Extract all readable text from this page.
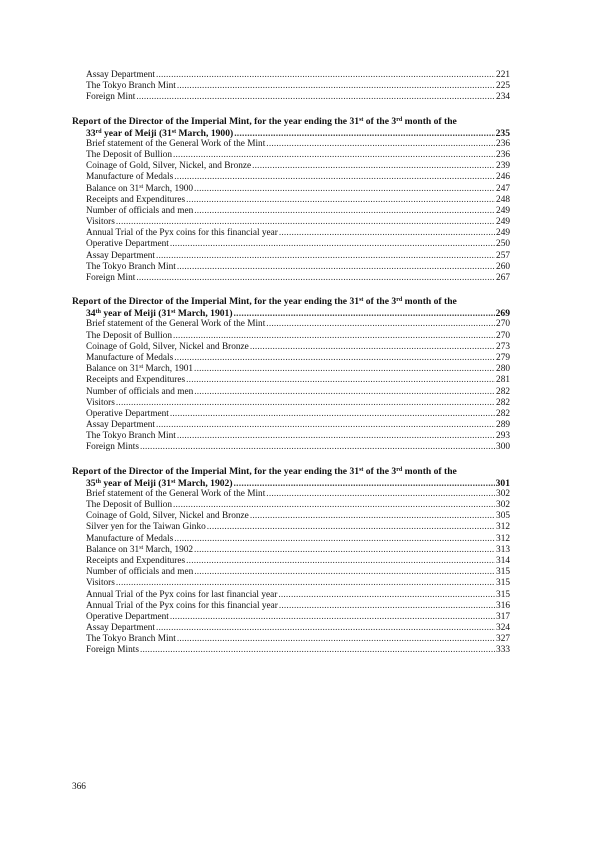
Assay Department .....	221
The Tokyo Branch Mint .....	225
Foreign Mint .....	234
Report of the Director of the Imperial Mint, for the year ending the 31st of the 3rd month of the
33rd year of Meiji (31st March, 1900) .....	235
Brief statement of the General Work of the Mint .....	236
The Deposit of Bullion .....	236
Coinage of Gold, Silver, Nickel, and Bronze .....	239
Manufacture of Medals .....	246
Balance on 31st March, 1900 .....	247
Receipts and Expenditures .....	248
Number of officials and men .....	249
Visitors .....	249
Annual Trial of the Pyx coins for this financial year .....	249
Operative Department .....	250
Assay Department .....	257
The Tokyo Branch Mint .....	260
Foreign Mint .....	267
Report of the Director of the Imperial Mint, for the year ending the 31st of the 3rd month of the
34th year of Meiji (31st March, 1901) .....	269
Brief statement of the General Work of the Mint .....	270
The Deposit of Bullion .....	270
Coinage of Gold, Silver, Nickel and Bronze .....	273
Manufacture of Medals .....	279
Balance on 31st March, 1901 .....	280
Receipts and Expenditures .....	281
Number of officials and men .....	282
Visitors .....	282
Operative Department .....	282
Assay Department .....	289
The Tokyo Branch Mint .....	293
Foreign Mints .....	300
Report of the Director of the Imperial Mint, for the year ending the 31st of the 3rd month of the
35th year of Meiji (31st March, 1902) .....	301
Brief statement of the General Work of the Mint .....	302
The Deposit of Bullion .....	302
Coinage of Gold, Silver, Nickel and Bronze .....	305
Silver yen for the Taiwan Ginko .....	312
Manufacture of Medals .....	312
Balance on 31st March, 1902 .....	313
Receipts and Expenditures .....	314
Number of officials and men .....	315
Visitors .....	315
Annual Trial of the Pyx coins for last financial year .....	315
Annual Trial of the Pyx coins for this financial year .....	316
Operative Department .....	317
Assay Department .....	324
The Tokyo Branch Mint .....	327
Foreign Mints .....	333
366
